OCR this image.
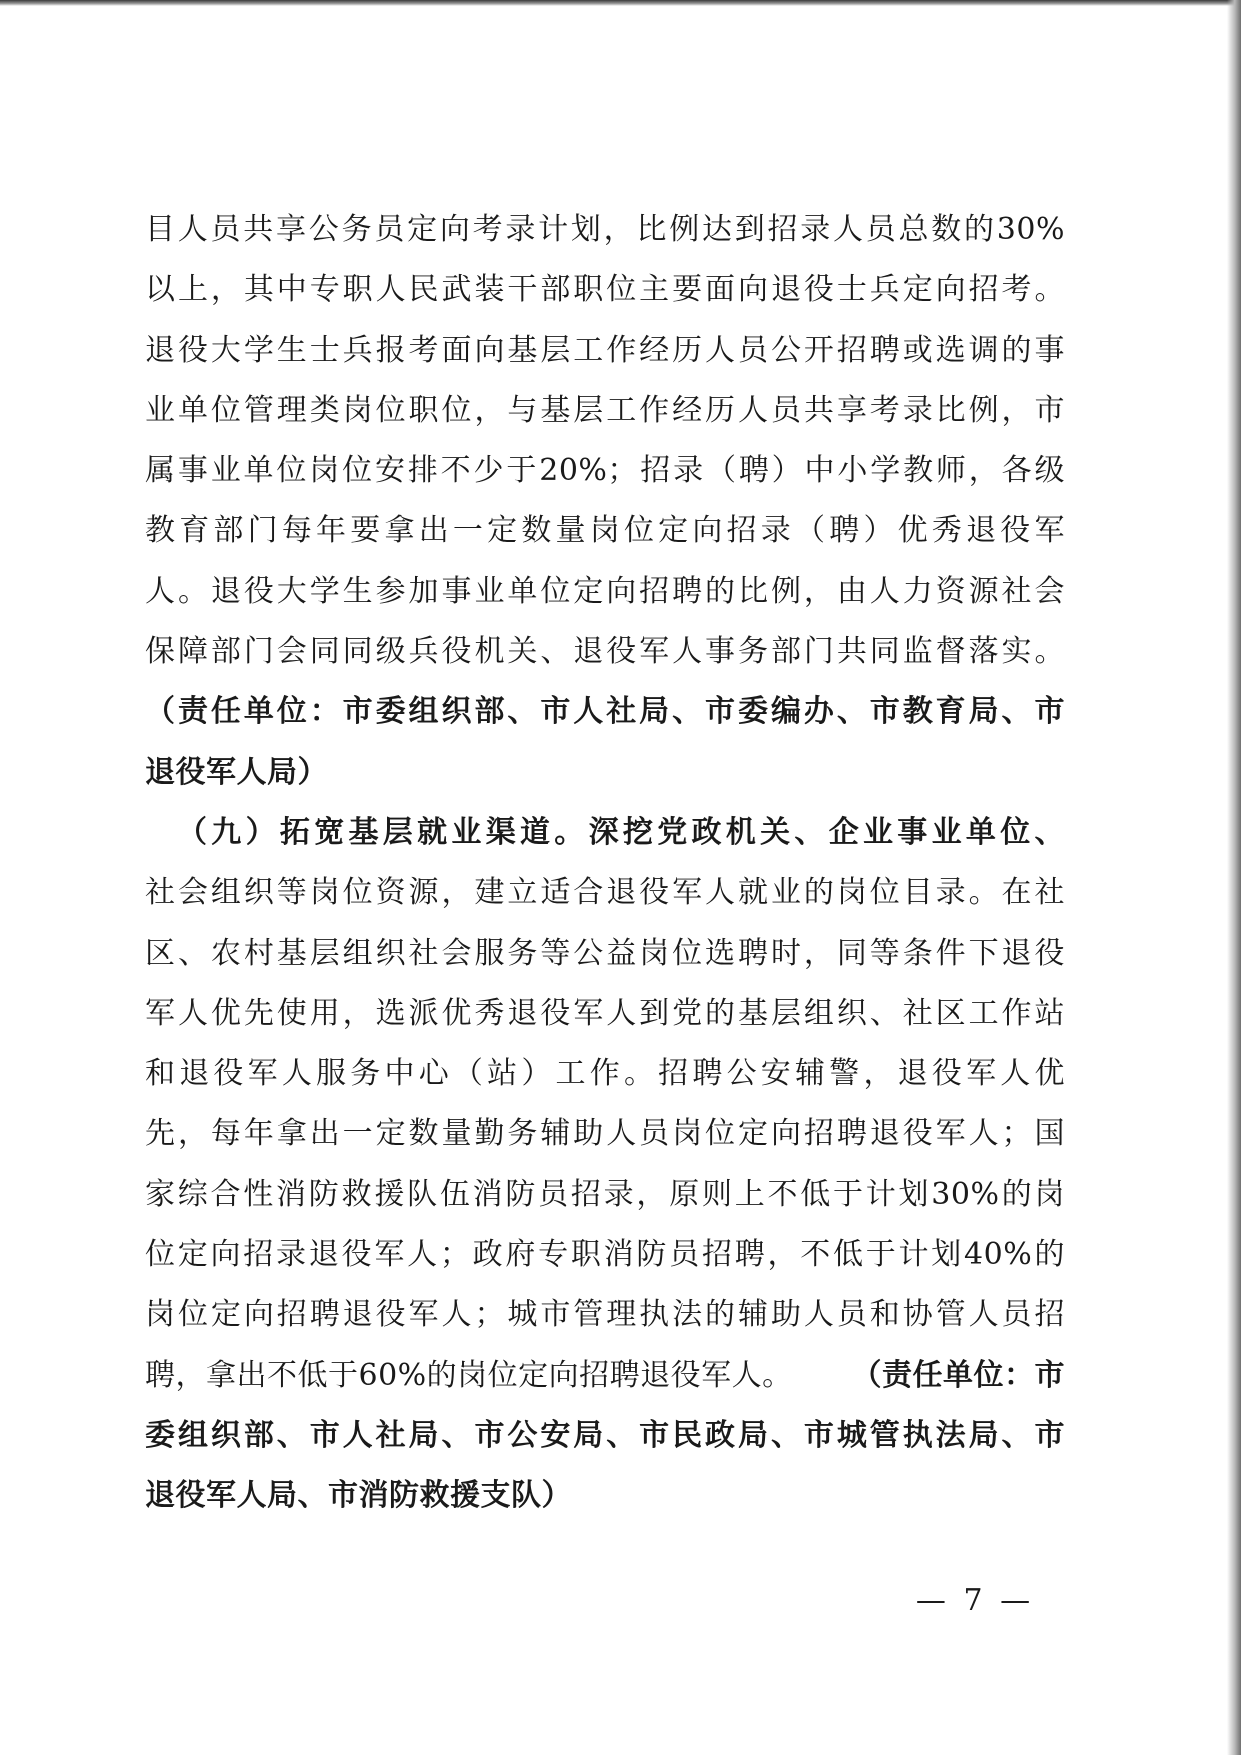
目人员共享公务员定向考录计划，比例达到招录人员总数的30%
以上，其中专职人民武装干部职位主要面向退役士兵定向招考。
退役大学生士兵报考面向基层工作经历人员公开招聘或选调的事
业单位管理类岗位职位，与基层工作经历人员共享考录比例，市
属事业单位岗位安排不少于20%；招录（聘）中小学教师，各级
教育部门每年要拿出一定数量岗位定向招录（聘）优秀退役军
人。退役大学生参加事业单位定向招聘的比例，由人力资源社会
保障部门会同同级兵役机关、退役军人事务部门共同监督落实。
（责任单位：市委组织部、市人社局、市委编办、市教育局、市
退役军人局）
（九）拓宽基层就业渠道。深挖党政机关、企业事业单位、
社会组织等岗位资源，建立适合退役军人就业的岗位目录。在社
区、农村基层组织社会服务等公益岗位选聘时，同等条件下退役
军人优先使用，选派优秀退役军人到党的基层组织、社区工作站
和退役军人服务中心（站）工作。招聘公安辅警，退役军人优
先，每年拿出一定数量勤务辅助人员岗位定向招聘退役军人；国
家综合性消防救援队伍消防员招录，原则上不低于计划30%的岗
位定向招录退役军人；政府专职消防员招聘，不低于计划40%的
岗位定向招聘退役军人；城市管理执法的辅助人员和协管人员招
聘，拿出不低于60%的岗位定向招聘退役军人。 （责任单位：市
委组织部、市人社局、市公安局、市民政局、市城管执法局、市
退役军人局、市消防救援支队）
— 7 —
